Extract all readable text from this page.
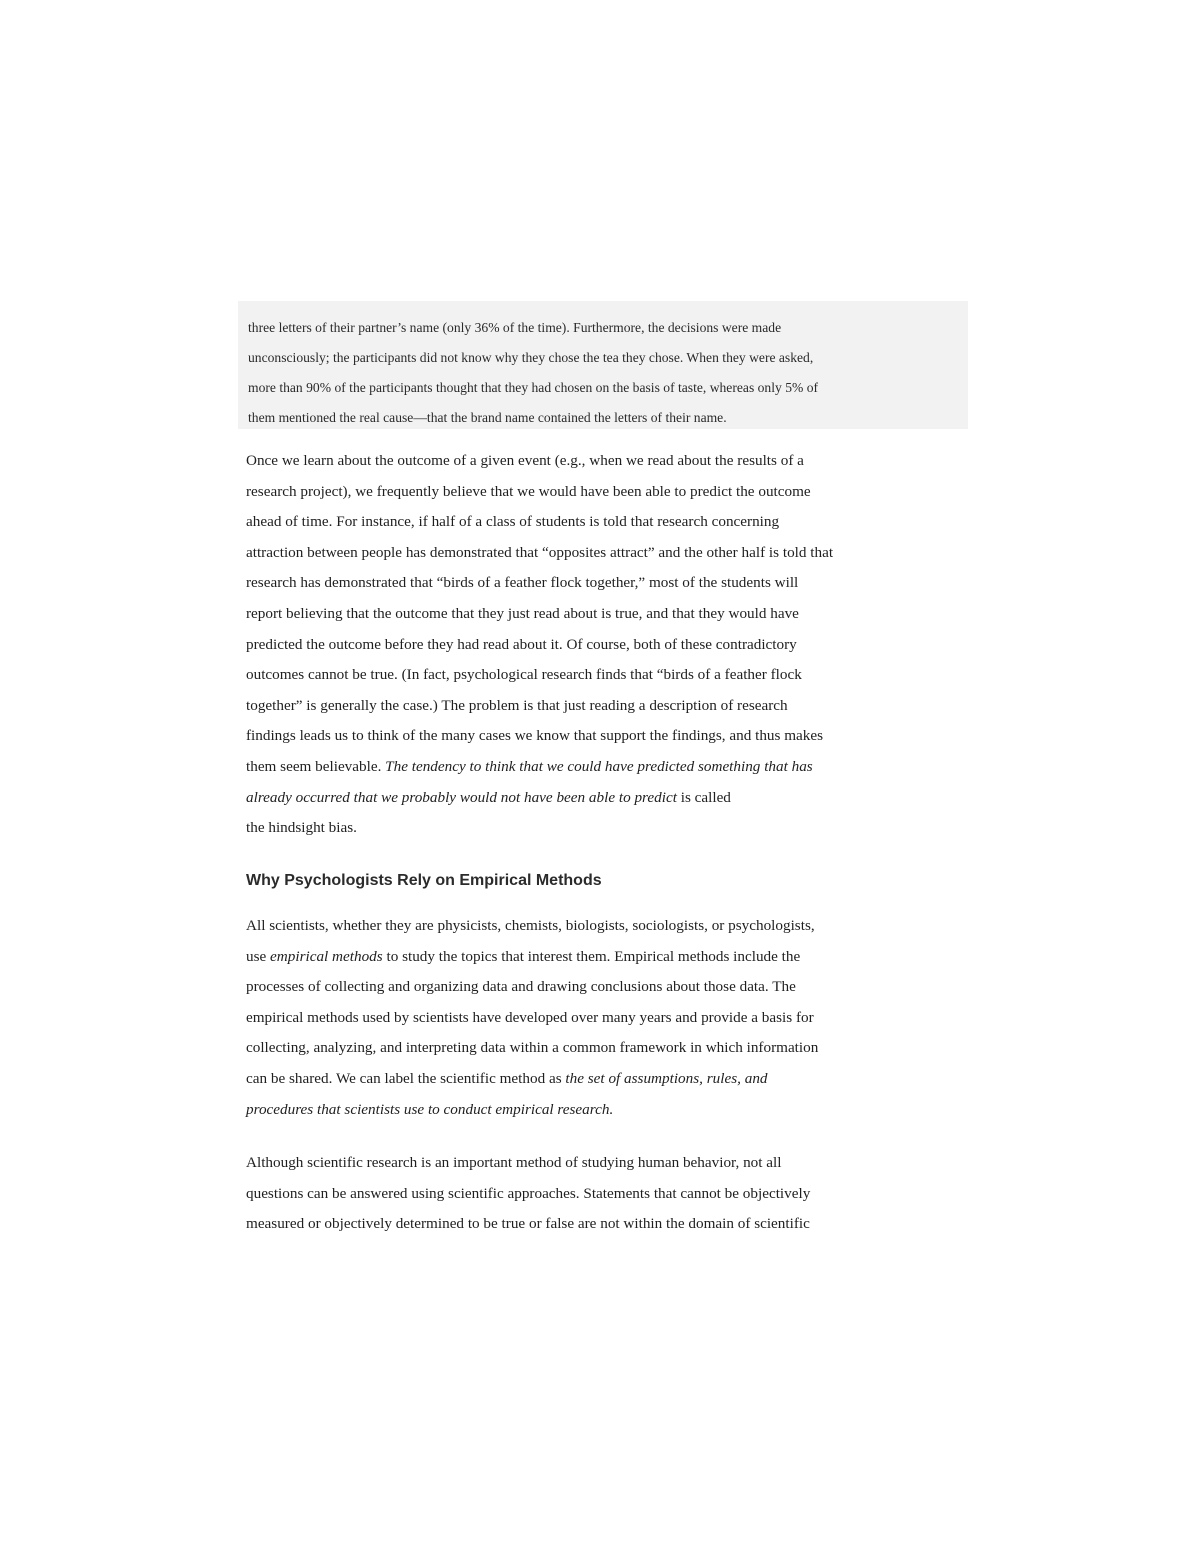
three letters of their partner’s name (only 36% of the time). Furthermore, the decisions were made
unconsciously; the participants did not know why they chose the tea they chose. When they were asked,
more than 90% of the participants thought that they had chosen on the basis of taste, whereas only 5% of
them mentioned the real cause—that the brand name contained the letters of their name.

Once we learn about the outcome of a given event (e.g., when we read about the results of a
research project), we frequently believe that we would have been able to predict the outcome
ahead of time. For instance, if half of a class of students is told that research concerning
attraction between people has demonstrated that “opposites attract” and the other half is told that
research has demonstrated that “birds of a feather flock together,” most of the students will
report believing that the outcome that they just read about is true, and that they would have
predicted the outcome before they had read about it. Of course, both of these contradictory
outcomes cannot be true. (In fact, psychological research finds that “birds of a feather flock
together” is generally the case.) The problem is that just reading a description of research
findings leads us to think of the many cases we know that support the findings, and thus makes
them seem believable. The tendency to think that we could have predicted something that has
already occurred that we probably would not have been able to predict is called
the hindsight bias.

Why Psychologists Rely on Empirical Methods

All scientists, whether they are physicists, chemists, biologists, sociologists, or psychologists,
use empirical methods to study the topics that interest them. Empirical methods include the
processes of collecting and organizing data and drawing conclusions about those data. The
empirical methods used by scientists have developed over many years and provide a basis for
collecting, analyzing, and interpreting data within a common framework in which information
can be shared. We can label the scientific method as the set of assumptions, rules, and
procedures that scientists use to conduct empirical research.

Although scientific research is an important method of studying human behavior, not all
questions can be answered using scientific approaches. Statements that cannot be objectively
measured or objectively determined to be true or false are not within the domain of scientific
